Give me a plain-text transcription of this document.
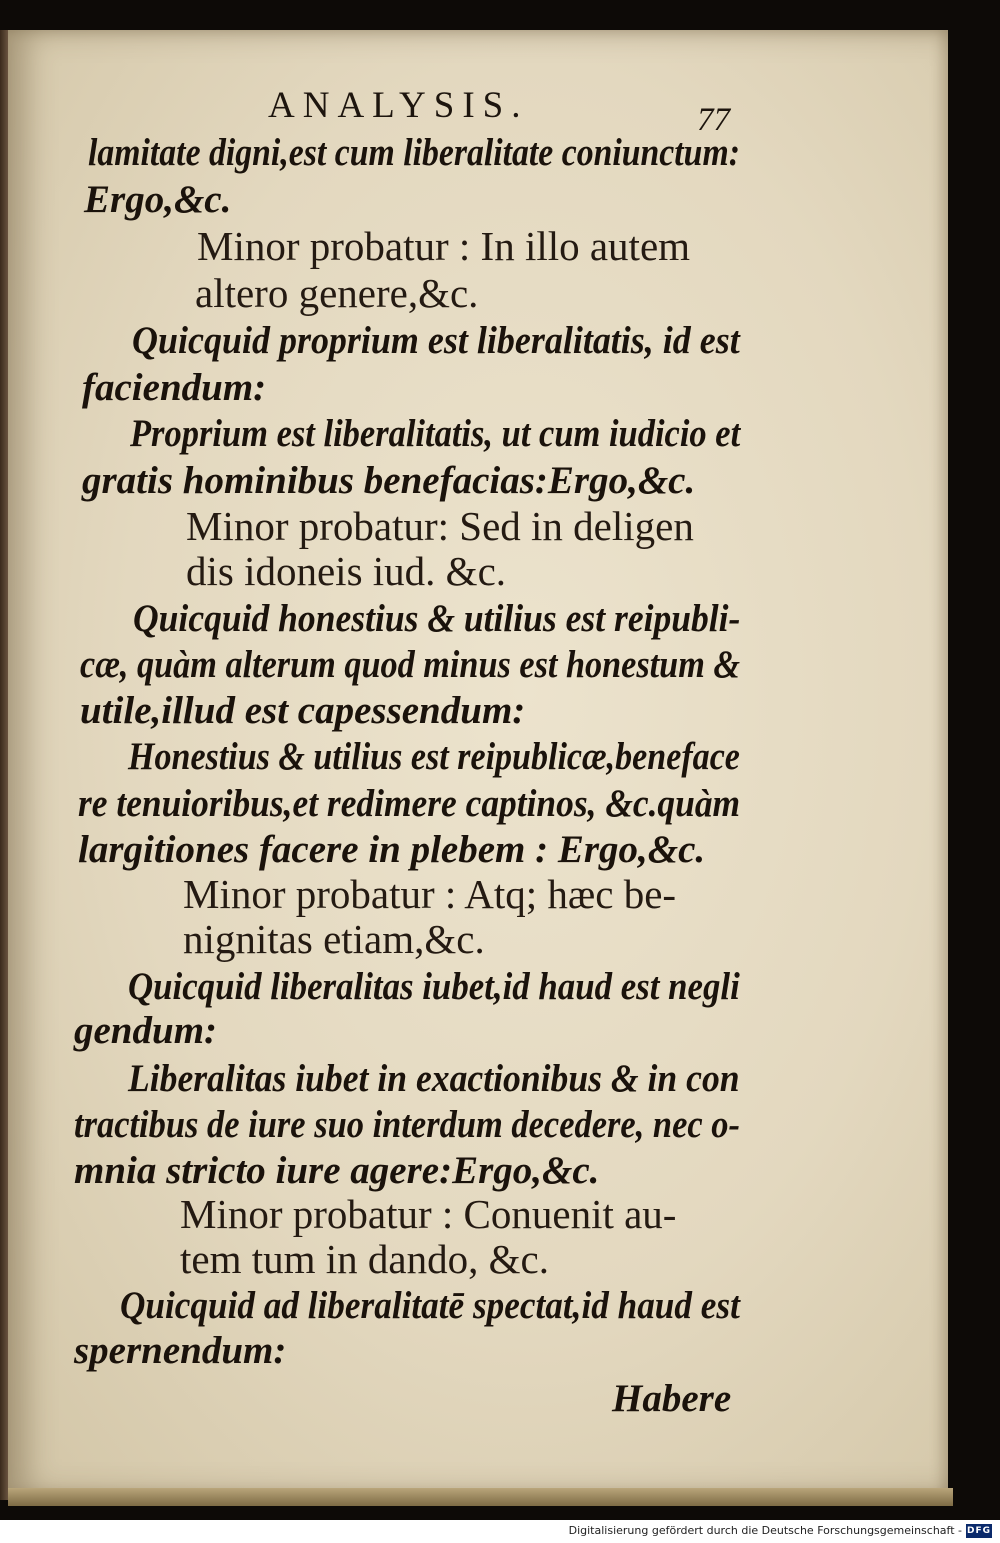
ANALYSIS.	77
lamitate digni,est cum liberalitate coniunctum:
Ergo,&c.
Minor probatur : In illo autem
altero genere,&c.
Quicquid proprium est liberalitatis, id est
faciendum:
Proprium est liberalitatis, ut cum iudicio et
gratis hominibus benefacias:Ergo,&c.
Minor probatur: Sed in deligen
dis idoneis iud. &c.
Quicquid honestius & utilius est reipubli-
cæ, quàm alterum quod minus est honestum &
utile,illud est capessendum:
Honestius & utilius est reipublicæ,beneface
re tenuioribus,et redimere captinos, &c.quàm
largitiones facere in plebem : Ergo,&c.
Minor probatur : Atq; hæc be-
nignitas etiam,&c.
Quicquid liberalitas iubet,id haud est negli
gendum:
Liberalitas iubet in exactionibus & in con
tractibus de iure suo interdum decedere, nec o-
mnia stricto iure agere:Ergo,&c.
Minor probatur : Conuenit au-
tem tum in dando, &c.
Quicquid ad liberalitatē spectat,id haud est
spernendum:
Habere
Digitalisierung gefördert durch die Deutsche Forschungsgemeinschaft - DFG
